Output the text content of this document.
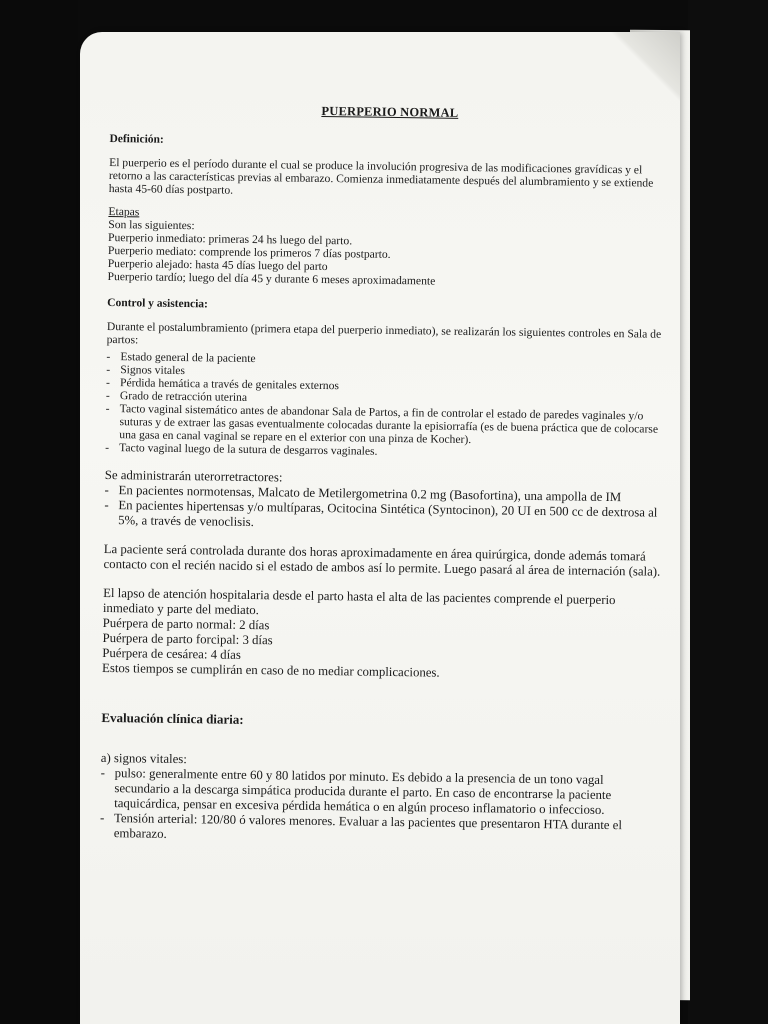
PUERPERIO NORMAL
Definición:

El puerperio es el período durante el cual se produce la involución progresiva de las modificaciones gravídicas y el retorno a las características previas al embarazo. Comienza inmediatamente después del alumbramiento y se extiende hasta 45-60 días postparto.

Etapas
Son las siguientes:
Puerperio inmediato: primeras 24 hs luego del parto.
Puerperio mediato: comprende los primeros 7 días postparto.
Puerperio alejado: hasta 45 días luego del parto
Puerperio tardío; luego del día 45 y durante 6 meses aproximadamente
Control y asistencia:

Durante el postalumbramiento (primera etapa del puerperio inmediato), se realizarán los siguientes controles en Sala de partos:

- Estado general de la paciente
- Signos vitales
- Pérdida hemática a través de genitales externos
- Grado de retracción uterina
- Tacto vaginal sistemático antes de abandonar Sala de Partos, a fin de controlar el estado de paredes vaginales y/o suturas y de extraer las gasas eventualmente colocadas durante la episiorrafía (es de buena práctica que de colocarse una gasa en canal vaginal se repare en el exterior con una pinza de Kocher).
- Tacto vaginal luego de la sutura de desgarros vaginales.

Se administrarán uterorretractores:

- En pacientes normotensas, Malcato de Metilergometrina 0.2 mg (Basofortina), una ampolla de IM
- En pacientes hipertensas y/o multíparas, Ocitocina Sintética (Syntocinon), 20 UI en 500 cc de dextrosa al 5%, a través de venoclisis.

La paciente será controlada durante dos horas aproximadamente en área quirúrgica, donde además tomará contacto con el recién nacido si el estado de ambos así lo permite. Luego pasará al área de internación (sala).

El lapso de atención hospitalaria desde el parto hasta el alta de las pacientes comprende el puerperio inmediato y parte del mediato.

Puérpera de parto normal: 2 días
Puérpera de parto forcipal: 3 días
Puérpera de cesárea: 4 días
Estos tiempos se cumplirán en caso de no mediar complicaciones.
Evaluación clínica diaria:
a) signos vitales:
- pulso: generalmente entre 60 y 80 latidos por minuto. Es debido a la presencia de un tono vagal secundario a la descarga simpática producida durante el parto. En caso de encontrarse la paciente taquicárdica, pensar en excesiva pérdida hemática o en algún proceso inflamatorio o infeccioso.
- Tensión arterial: 120/80 ó valores menores. Evaluar a las pacientes que presentaron HTA durante el embarazo.
